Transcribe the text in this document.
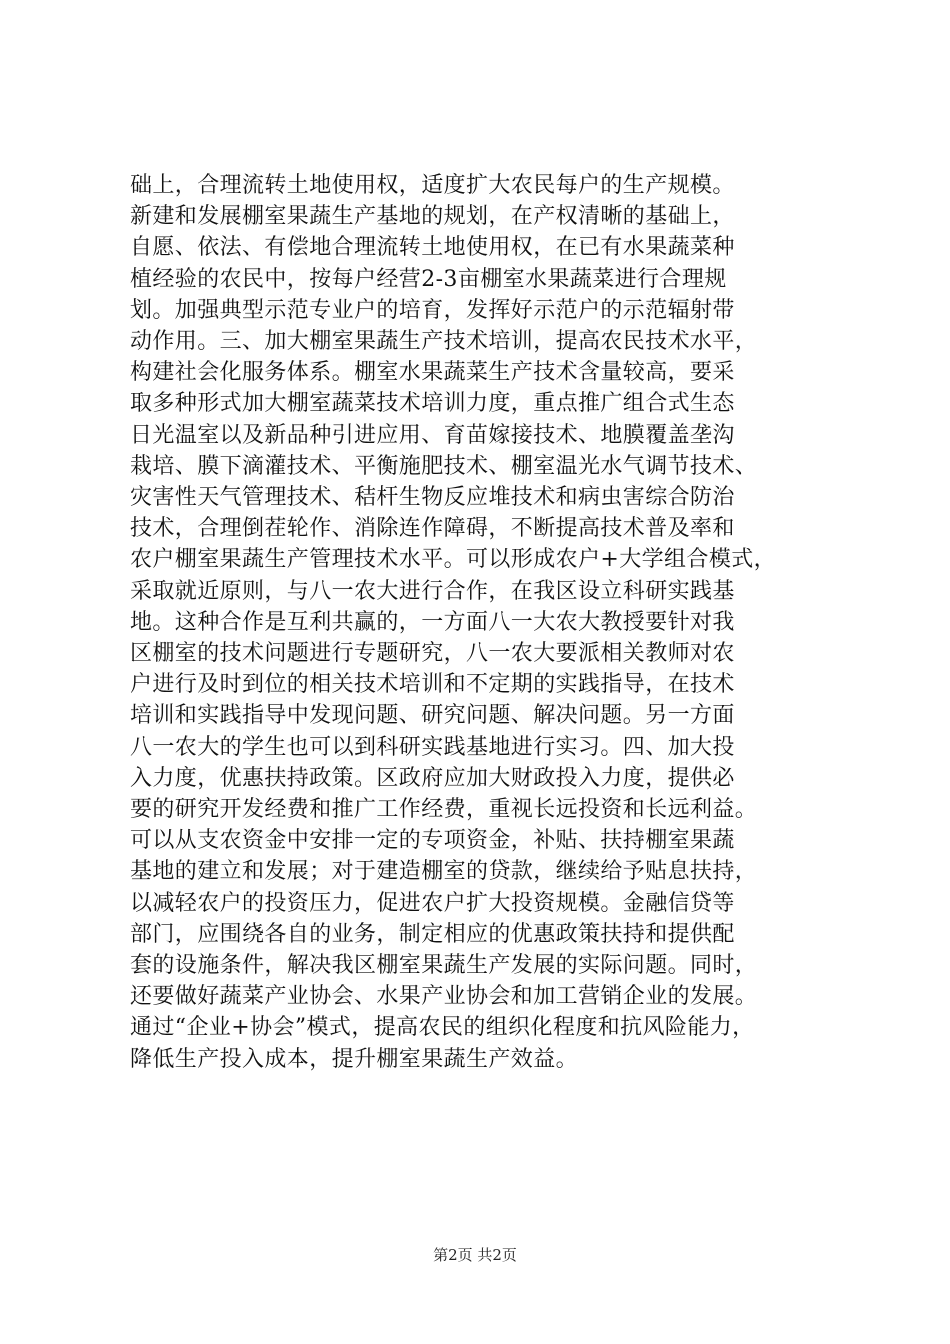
础上，合理流转土地使用权，适度扩大农民每户的生产规模。
新建和发展棚室果蔬生产基地的规划，在产权清晰的基础上，
自愿、依法、有偿地合理流转土地使用权，在已有水果蔬菜种
植经验的农民中，按每户经营2-3亩棚室水果蔬菜进行合理规
划。加强典型示范专业户的培育，发挥好示范户的示范辐射带
动作用。三、加大棚室果蔬生产技术培训，提高农民技术水平，
构建社会化服务体系。棚室水果蔬菜生产技术含量较高，要采
取多种形式加大棚室蔬菜技术培训力度，重点推广组合式生态
日光温室以及新品种引进应用、育苗嫁接技术、地膜覆盖垄沟
栽培、膜下滴灌技术、平衡施肥技术、棚室温光水气调节技术、
灾害性天气管理技术、秸杆生物反应堆技术和病虫害综合防治
技术，合理倒茬轮作、消除连作障碍，不断提高技术普及率和
农户棚室果蔬生产管理技术水平。可以形成农户+大学组合模式，
采取就近原则，与八一农大进行合作，在我区设立科研实践基
地。这种合作是互利共赢的，一方面八一大农大教授要针对我
区棚室的技术问题进行专题研究，八一农大要派相关教师对农
户进行及时到位的相关技术培训和不定期的实践指导，在技术
培训和实践指导中发现问题、研究问题、解决问题。另一方面
八一农大的学生也可以到科研实践基地进行实习。四、加大投
入力度，优惠扶持政策。区政府应加大财政投入力度，提供必
要的研究开发经费和推广工作经费，重视长远投资和长远利益。
可以从支农资金中安排一定的专项资金，补贴、扶持棚室果蔬
基地的建立和发展；对于建造棚室的贷款，继续给予贴息扶持，
以减轻农户的投资压力，促进农户扩大投资规模。金融信贷等
部门，应围绕各自的业务，制定相应的优惠政策扶持和提供配
套的设施条件，解决我区棚室果蔬生产发展的实际问题。同时，
还要做好蔬菜产业协会、水果产业协会和加工营销企业的发展。
通过“企业+协会”模式，提高农民的组织化程度和抗风险能力，
降低生产投入成本，提升棚室果蔬生产效益。
第2页 共2页
